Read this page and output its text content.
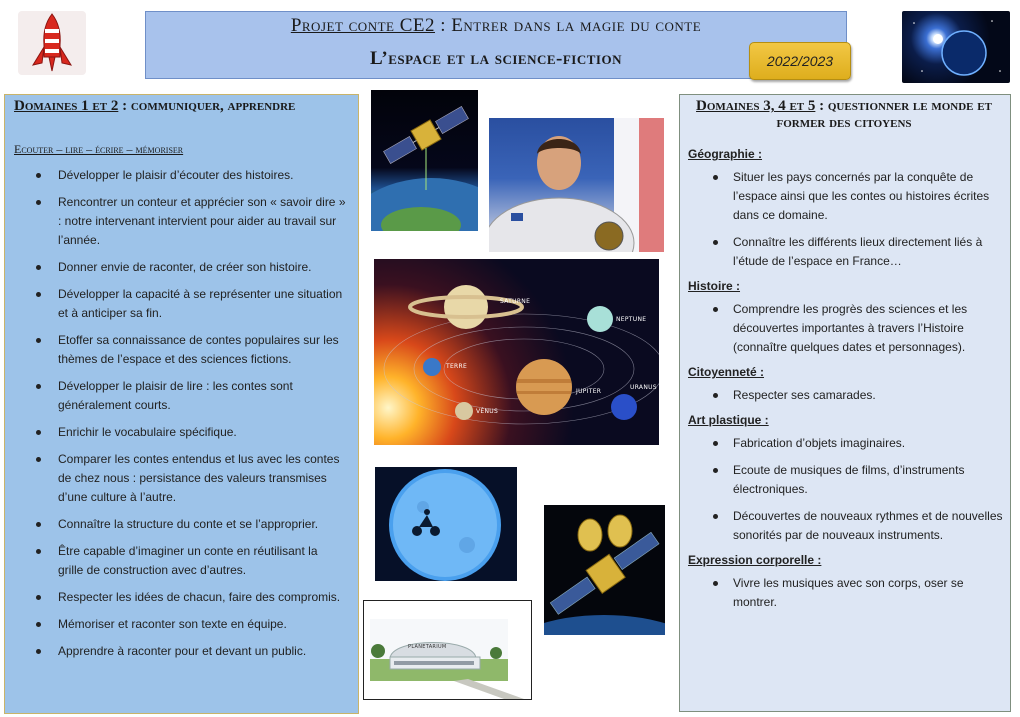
Projet conte CE2 : Entrer dans la magie du conte
L’espace et la science-fiction	2022/2023
Domaines 1 et 2 : communiquer, apprendre
Ecouter – lire – écrire – mémoriser
Développer le plaisir d’écouter des histoires.
Rencontrer un conteur et apprécier son « savoir dire » : notre intervenant intervient pour aider au travail sur l’année.
Donner envie de raconter, de créer son histoire.
Développer la capacité à se représenter une situation et à anticiper sa fin.
Etoffer sa connaissance de contes populaires sur les thèmes de l’espace et des sciences fictions.
Développer le plaisir de lire : les contes sont généralement courts.
Enrichir le vocabulaire spécifique.
Comparer les contes entendus et lus avec les contes de chez nous : persistance des valeurs transmises d’une culture à l’autre.
Connaître la structure du conte et se l’approprier.
Être capable d’imaginer un conte en réutilisant la grille de construction avec d’autres.
Respecter les idées de chacun, faire des compromis.
Mémoriser et raconter son texte en équipe.
Apprendre à raconter pour et devant un public.
SATURNE
NEPTUNE
TERRE
JUPITER
URANUS
VÉNUS
PLANETARIUM
Domaines 3, 4 et 5 : questionner le monde et former des citoyens
Géographie :
Situer les pays concernés par la conquête de l’espace ainsi que les contes ou histoires écrites dans ce domaine.
Connaître les différents lieux directement liés à l’étude de l’espace en France…
Histoire :
Comprendre les progrès des sciences et les découvertes importantes à travers l’Histoire (connaître quelques dates et personnages).
Citoyenneté :
Respecter ses camarades.
Art plastique :
Fabrication d’objets imaginaires.
Ecoute de musiques de films, d’instruments électroniques.
Découvertes de nouveaux rythmes et de nouvelles sonorités par de nouveaux instruments.
Expression corporelle :
Vivre les musiques avec son corps, oser se montrer.
